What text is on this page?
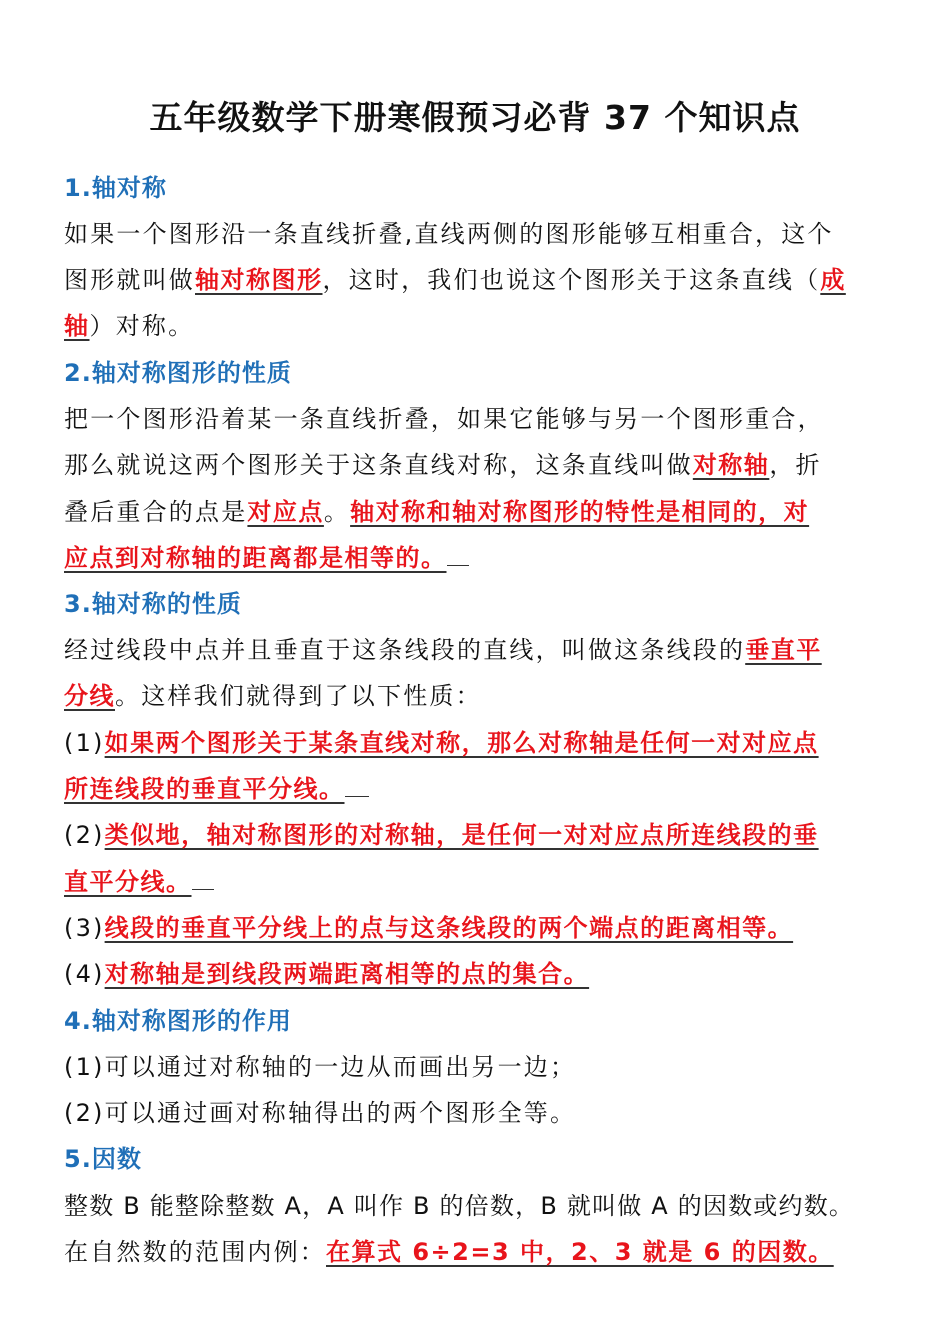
五年级数学下册寒假预习必背 37 个知识点
1.轴对称
如果一个图形沿一条直线折叠,直线两侧的图形能够互相重合，这个
图形就叫做轴对称图形，这时，我们也说这个图形关于这条直线（成
轴）对称。
2.轴对称图形的性质
把一个图形沿着某一条直线折叠，如果它能够与另一个图形重合，
那么就说这两个图形关于这条直线对称，这条直线叫做对称轴，折
叠后重合的点是对应点。轴对称和轴对称图形的特性是相同的，对
应点到对称轴的距离都是相等的。
3.轴对称的性质
经过线段中点并且垂直于这条线段的直线，叫做这条线段的垂直平
分线。这样我们就得到了以下性质：
(1)如果两个图形关于某条直线对称，那么对称轴是任何一对对应点
所连线段的垂直平分线。
(2)类似地，轴对称图形的对称轴，是任何一对对应点所连线段的垂
直平分线。
(3)线段的垂直平分线上的点与这条线段的两个端点的距离相等。
(4)对称轴是到线段两端距离相等的点的集合。
4.轴对称图形的作用
(1)可以通过对称轴的一边从而画出另一边；
(2)可以通过画对称轴得出的两个图形全等。
5.因数
整数 B 能整除整数 A，A 叫作 B 的倍数，B 就叫做 A 的因数或约数。
在自然数的范围内例：在算式 6÷2=3 中，2、3 就是 6 的因数。
